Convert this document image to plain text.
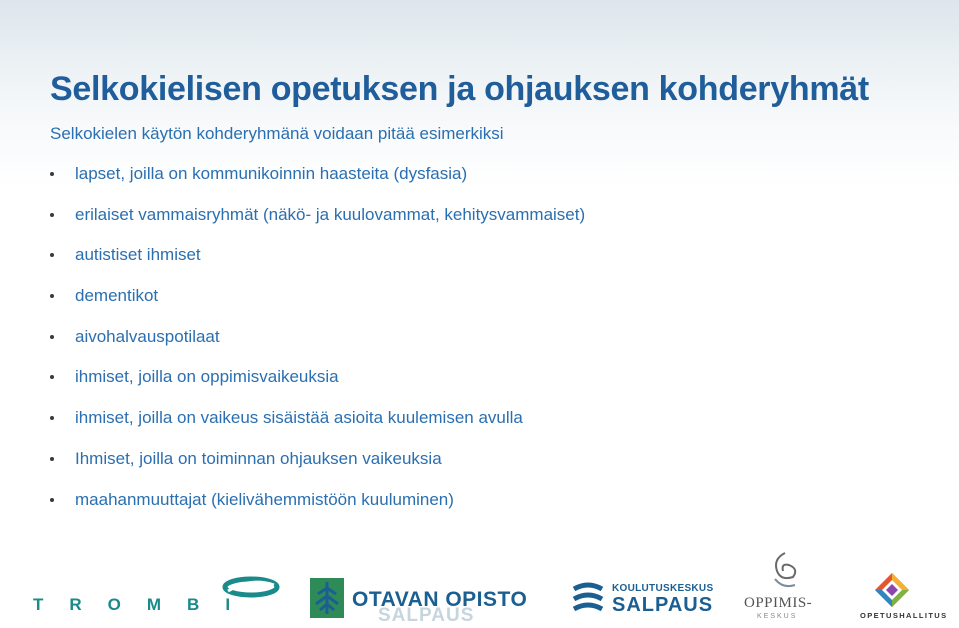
Selkokielisen opetuksen ja ohjauksen kohderyhmät
Selkokielen käytön kohderyhmänä voidaan pitää esimerkiksi
lapset, joilla on kommunikoinnin haasteita (dysfasia)
erilaiset vammaisryhmät (näkö- ja kuulovammat, kehitysvammaiset)
autistiset ihmiset
dementikot
aivohalvauspotilaat
ihmiset, joilla on oppimisvaikeuksia
ihmiset, joilla on vaikeus sisäistää asioita kuulemisen avulla
Ihmiset, joilla on toiminnan ohjauksen vaikeuksia
maahanmuuttajat (kielivähemmistöön kuuluminen)
TROMBI
SALPAUS
OTAVAN OPISTO	KOULUTUSKESKUS
SALPAUS OPPIMIS-
KESKUS	OPETUSHALLITUS
